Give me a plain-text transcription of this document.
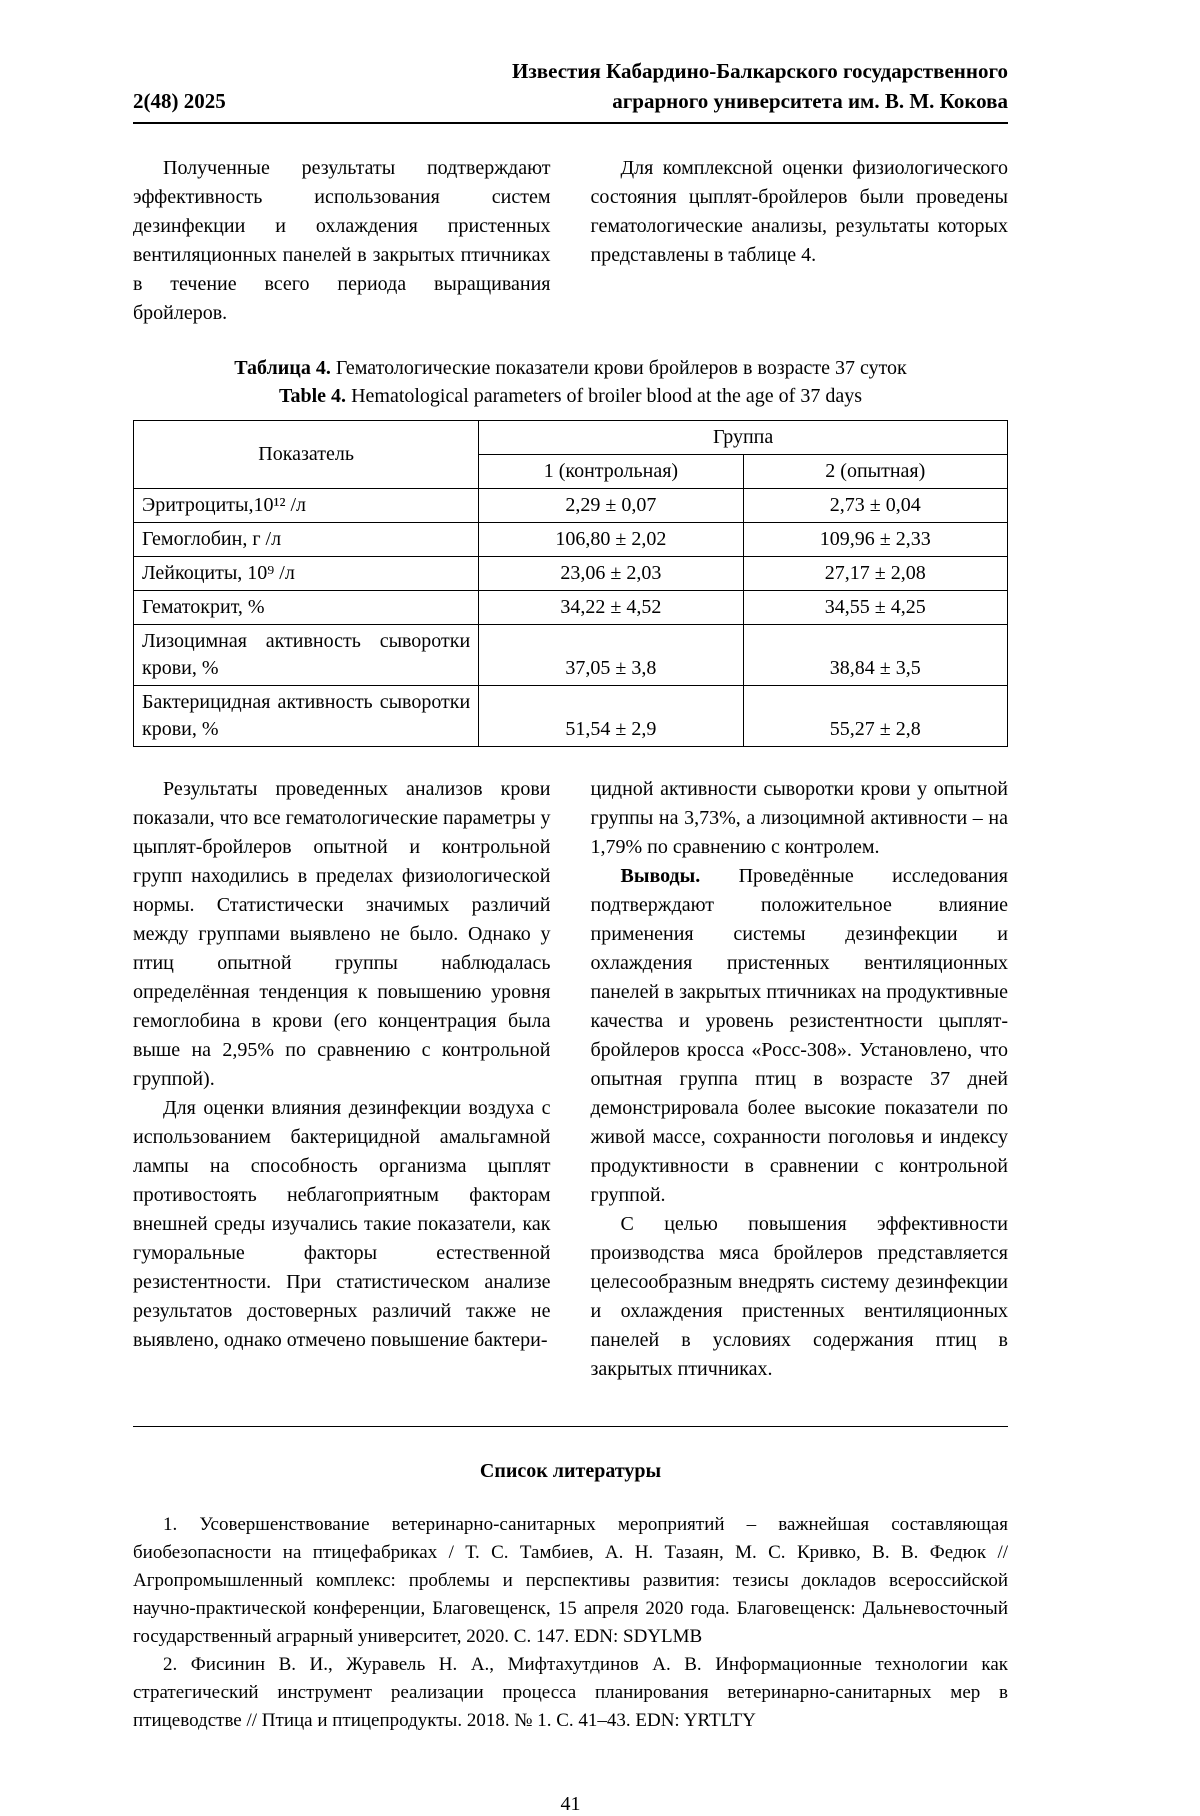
2(48) 2025
Известия Кабардино-Балкарского государственного
аграрного университета им. В. М. Кокова

Полученные результаты подтверждают эффективность использования систем дезинфекции и охлаждения пристенных вентиляционных панелей в закрытых птичниках в течение всего периода выращивания бройлеров.

Для комплексной оценки физиологического состояния цыплят-бройлеров были проведены гематологические анализы, результаты которых представлены в таблице 4.

Таблица 4. Гематологические показатели крови бройлеров в возрасте 37 суток
Table 4. Hematological parameters of broiler blood at the age of 37 days
Показатель	Группа	
	1 (контрольная)	2 (опытная)
Эритроциты,10¹² /л	2,29 ± 0,07	2,73 ± 0,04
Гемоглобин, г /л	106,80 ± 2,02	109,96 ± 2,33
Лейкоциты, 10⁹ /л	23,06 ± 2,03	27,17 ± 2,08
Гематокрит, %	34,22 ± 4,52	34,55 ± 4,25
Лизоцимная активность сыворотки крови, %	37,05 ± 3,8	38,84 ± 3,5
Бактерицидная активность сыворотки крови, %	51,54 ± 2,9	55,27 ± 2,8

Результаты проведенных анализов крови показали, что все гематологические параметры у цыплят-бройлеров опытной и контрольной групп находились в пределах физиологической нормы. Статистически значимых различий между группами выявлено не было. Однако у птиц опытной группы наблюдалась определённая тенденция к повышению уровня гемоглобина в крови (его концентрация была выше на 2,95% по сравнению с контрольной группой).

Для оценки влияния дезинфекции воздуха с использованием бактерицидной амальгамной лампы на способность организма цыплят противостоять неблагоприятным факторам внешней среды изучались такие показатели, как гуморальные факторы естественной резистентности. При статистическом анализе результатов достоверных различий также не выявлено, однако отмечено повышение бактери-

цидной активности сыворотки крови у опытной группы на 3,73%, а лизоцимной активности – на 1,79% по сравнению с контролем.

Выводы. Проведённые исследования подтверждают положительное влияние применения системы дезинфекции и охлаждения пристенных вентиляционных панелей в закрытых птичниках на продуктивные качества и уровень резистентности цыплят-бройлеров кросса «Росс-308». Установлено, что опытная группа птиц в возрасте 37 дней демонстрировала более высокие показатели по живой массе, сохранности поголовья и индексу продуктивности в сравнении с контрольной группой.

С целью повышения эффективности производства мяса бройлеров представляется целесообразным внедрять систему дезинфекции и охлаждения пристенных вентиляционных панелей в условиях содержания птиц в закрытых птичниках.

Список литературы

1. Усовершенствование ветеринарно-санитарных мероприятий – важнейшая составляющая биобезопасности на птицефабриках / Т. С. Тамбиев, А. Н. Тазаян, М. С. Кривко, В. В. Федюк // Агропромышленный комплекс: проблемы и перспективы развития: тезисы докладов всероссийской научно-практической конференции, Благовещенск, 15 апреля 2020 года. Благовещенск: Дальневосточный государственный аграрный университет, 2020. С. 147. EDN: SDYLMB

2. Фисинин В. И., Журавель Н. А., Мифтахутдинов А. В. Информационные технологии как стратегический инструмент реализации процесса планирования ветеринарно-санитарных мер в птицеводстве // Птица и птицепродукты. 2018. № 1. С. 41–43. EDN: YRTLTY

41
